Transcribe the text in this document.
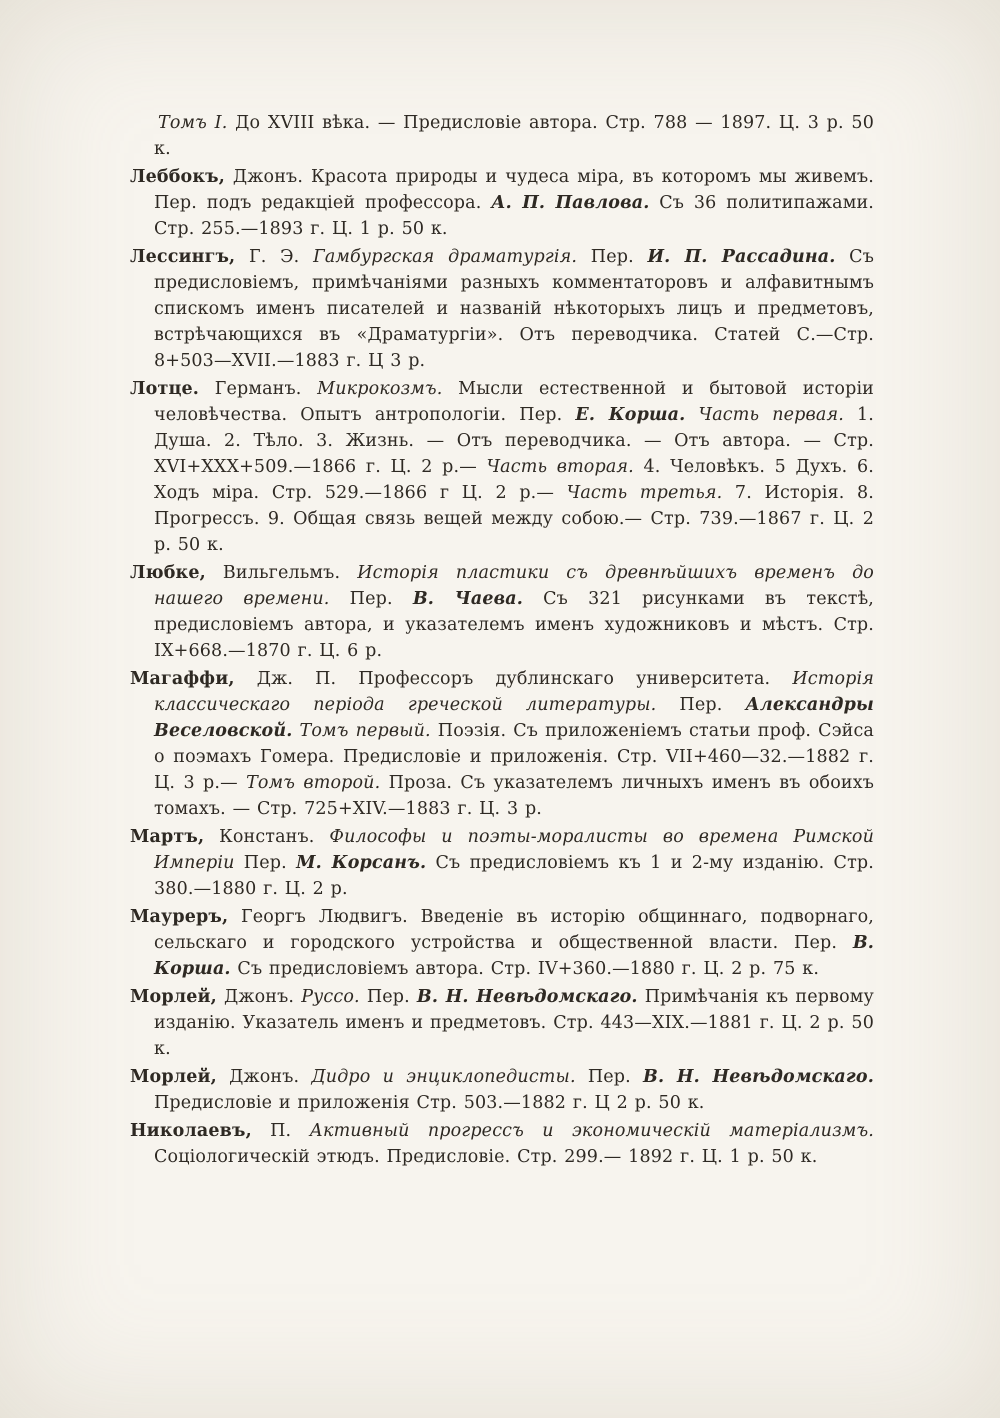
Томъ I. До XVIII вѣка. — Предисловіе автора. Стр. 788 — 1897. Ц. 3 р. 50 к.

Леббокъ, Джонъ. Красота природы и чудеса міра, въ которомъ мы живемъ. Пер. подъ редакціей профессора. А. П. Павлова. Съ 36 политипажами. Стр. 255.—1893 г. Ц. 1 р. 50 к.

Лессингъ, Г. Э. Гамбургская драматургія. Пер. И. П. Рассадина. Съ предисловіемъ, примѣчаніями разныхъ комментаторовъ и алфавитнымъ спискомъ именъ писателей и названій нѣкоторыхъ лицъ и предметовъ, встрѣчающихся въ «Драматургіи». Отъ переводчика. Статей С.—Стр. 8+503—XVII.—1883 г. Ц 3 р.

Лотце. Германъ. Микрокозмъ. Мысли естественной и бытовой исторіи человѣчества. Опытъ антропологіи. Пер. Е. Корша. Часть первая. 1. Душа. 2. Тѣло. 3. Жизнь. — Отъ переводчика. — Отъ автора. — Стр. XVI+XXX+509.—1866 г. Ц. 2 р.— Часть вторая. 4. Человѣкъ. 5 Духъ. 6. Ходъ міра. Стр. 529.—1866 г Ц. 2 р.— Часть третья. 7. Исторія. 8. Прогрессъ. 9. Общая связь вещей между собою.— Стр. 739.—1867 г. Ц. 2 р. 50 к.

Любке, Вильгельмъ. Исторія пластики съ древнѣйшихъ временъ до нашего времени. Пер. В. Чаева. Съ 321 рисунками въ текстѣ, предисловіемъ автора, и указателемъ именъ художниковъ и мѣстъ. Стр. IX+668.—1870 г. Ц. 6 р.

Магаффи, Дж. П. Профессоръ дублинскаго университета. Исторія классическаго періода греческой литературы. Пер. Александры Веселовской. Томъ первый. Поэзія. Съ приложеніемъ статьи проф. Сэйса о поэмахъ Гомера. Предисловіе и приложенія. Стр. VII+460—32.—1882 г. Ц. 3 р.— Томъ второй. Проза. Съ указателемъ личныхъ именъ въ обоихъ томахъ. — Стр. 725+XIV.—1883 г. Ц. 3 р.

Мартъ, Констанъ. Философы и поэты-моралисты во времена Римской Имперіи Пер. М. Корсанъ. Съ предисловіемъ къ 1 и 2-му изданію. Стр. 380.—1880 г. Ц. 2 р.

Мауреръ, Георгъ Людвигъ. Введеніе въ исторію общиннаго, подворнаго, сельскаго и городского устройства и общественной власти. Пер. В. Корша. Съ предисловіемъ автора. Стр. IV+360.—1880 г. Ц. 2 р. 75 к.

Морлей, Джонъ. Руссо. Пер. В. Н. Невѣдомскаго. Примѣчанія къ первому изданію. Указатель именъ и предметовъ. Стр. 443—XIX.—1881 г. Ц. 2 р. 50 к.

Морлей, Джонъ. Дидро и энциклопедисты. Пер. В. Н. Невѣдомскаго. Предисловіе и приложенія Стр. 503.—1882 г. Ц 2 р. 50 к.

Николаевъ, П. Активный прогрессъ и экономическій матеріализмъ. Соціологическій этюдъ. Предисловіе. Стр. 299.— 1892 г. Ц. 1 р. 50 к.
